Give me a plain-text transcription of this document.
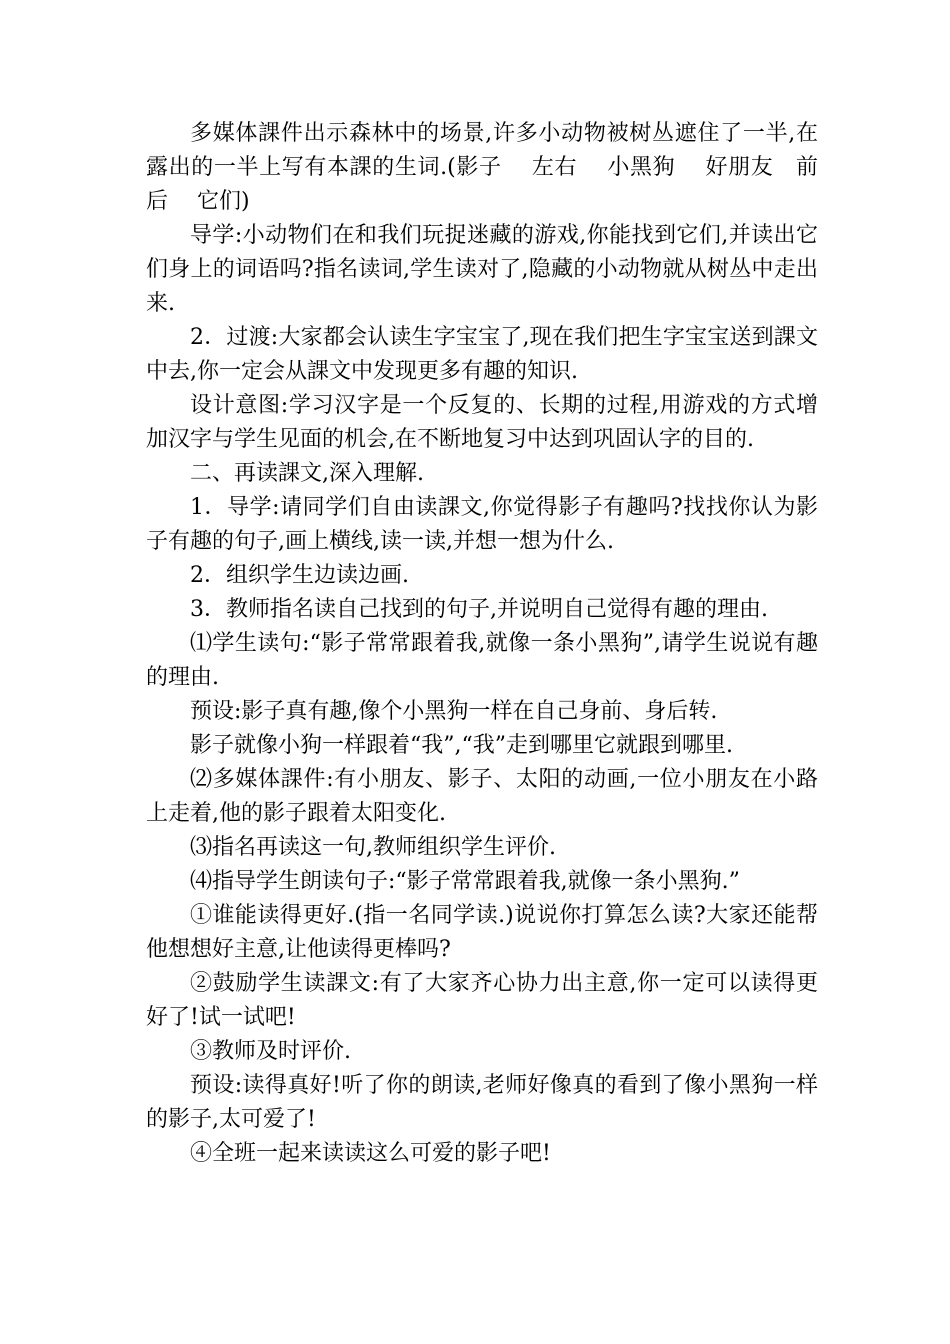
多媒体課件出示森林中的场景,许多小动物被树丛遮住了一半,在露出的一半上写有本課的生词.(影子　 左右　 小黑狗　 好朋友　前后　 它们)

导学:小动物们在和我们玩捉迷藏的游戏,你能找到它们,并读出它们身上的词语吗?指名读词,学生读对了,隐藏的小动物就从树丛中走出来.

2．过渡:大家都会认读生字宝宝了,现在我们把生字宝宝送到課文中去,你一定会从課文中发现更多有趣的知识.

设计意图:学习汉字是一个反复的、长期的过程,用游戏的方式增加汉字与学生见面的机会,在不断地复习中达到巩固认字的目的.

二、再读課文,深入理解.

1．导学:请同学们自由读課文,你觉得影子有趣吗?找找你认为影子有趣的句子,画上横线,读一读,并想一想为什么.

2．组织学生边读边画.

3．教师指名读自己找到的句子,并说明自己觉得有趣的理由.

⑴学生读句:“影子常常跟着我,就像一条小黑狗”,请学生说说有趣的理由.

预设:影子真有趣,像个小黑狗一样在自己身前、身后转.

影子就像小狗一样跟着“我”,“我”走到哪里它就跟到哪里.

⑵多媒体課件:有小朋友、影子、太阳的动画,一位小朋友在小路上走着,他的影子跟着太阳变化.

⑶指名再读这一句,教师组织学生评价.

⑷指导学生朗读句子:“影子常常跟着我,就像一条小黑狗.”

①谁能读得更好.(指一名同学读.)说说你打算怎么读?大家还能帮他想想好主意,让他读得更棒吗?

②鼓励学生读課文:有了大家齐心协力出主意,你一定可以读得更好了!试一试吧!

③教师及时评价.

预设:读得真好!听了你的朗读,老师好像真的看到了像小黑狗一样的影子,太可爱了!

④全班一起来读读这么可爱的影子吧!
